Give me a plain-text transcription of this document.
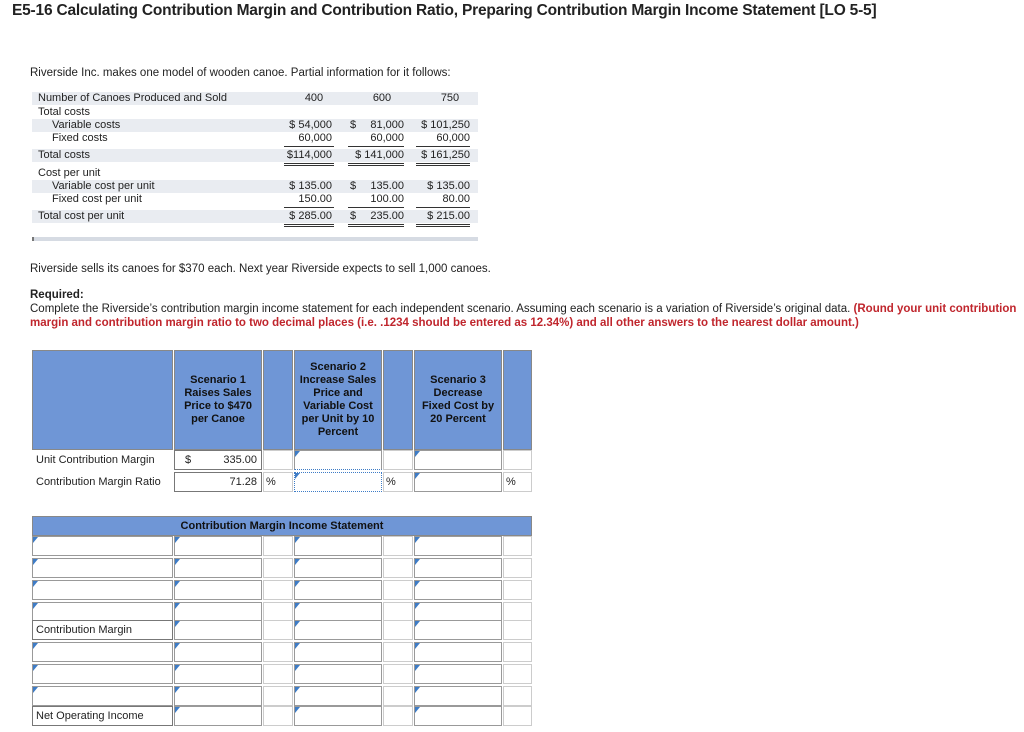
E5-16 Calculating Contribution Margin and Contribution Ratio, Preparing Contribution Margin Income Statement [LO 5-5]
Riverside Inc. makes one model of wooden canoe. Partial information for it follows:
Number of Canoes Produced and Sold	400	600	750
Total costs
Variable costs	$ 54,000 $	81,000	$ 101,250
Fixed costs	60,000	60,000	60,000
Total costs	$114,000	$ 141,000	$ 161,250
Cost per unit
Variable cost per unit	$ 135.00 $	135.00	$ 135.00
Fixed cost per unit	150.00	100.00	80.00
Total cost per unit	$ 285.00 $	235.00	$ 215.00
Riverside sells its canoes for $370 each. Next year Riverside expects to sell 1,000 canoes.
Required:
Complete the Riverside’s contribution margin income statement for each independent scenario. Assuming each scenario is a variation of Riverside’s original data. (Round your unit contribution margin and contribution margin ratio to two decimal places (i.e. .1234 should be entered as 12.34%) and all other answers to the nearest dollar amount.)
Scenario 1
Raises Sales
Price to $470
per Canoe
Scenario 2
Increase Sales
Price and
Variable Cost
per Unit by 10
Percent
Scenario 3
Decrease
Fixed Cost by
20 Percent
Unit Contribution Margin	$	335.00
Contribution Margin Ratio	71.28 %	%	%
Contribution Margin Income Statement
Contribution Margin
Net Operating Income
